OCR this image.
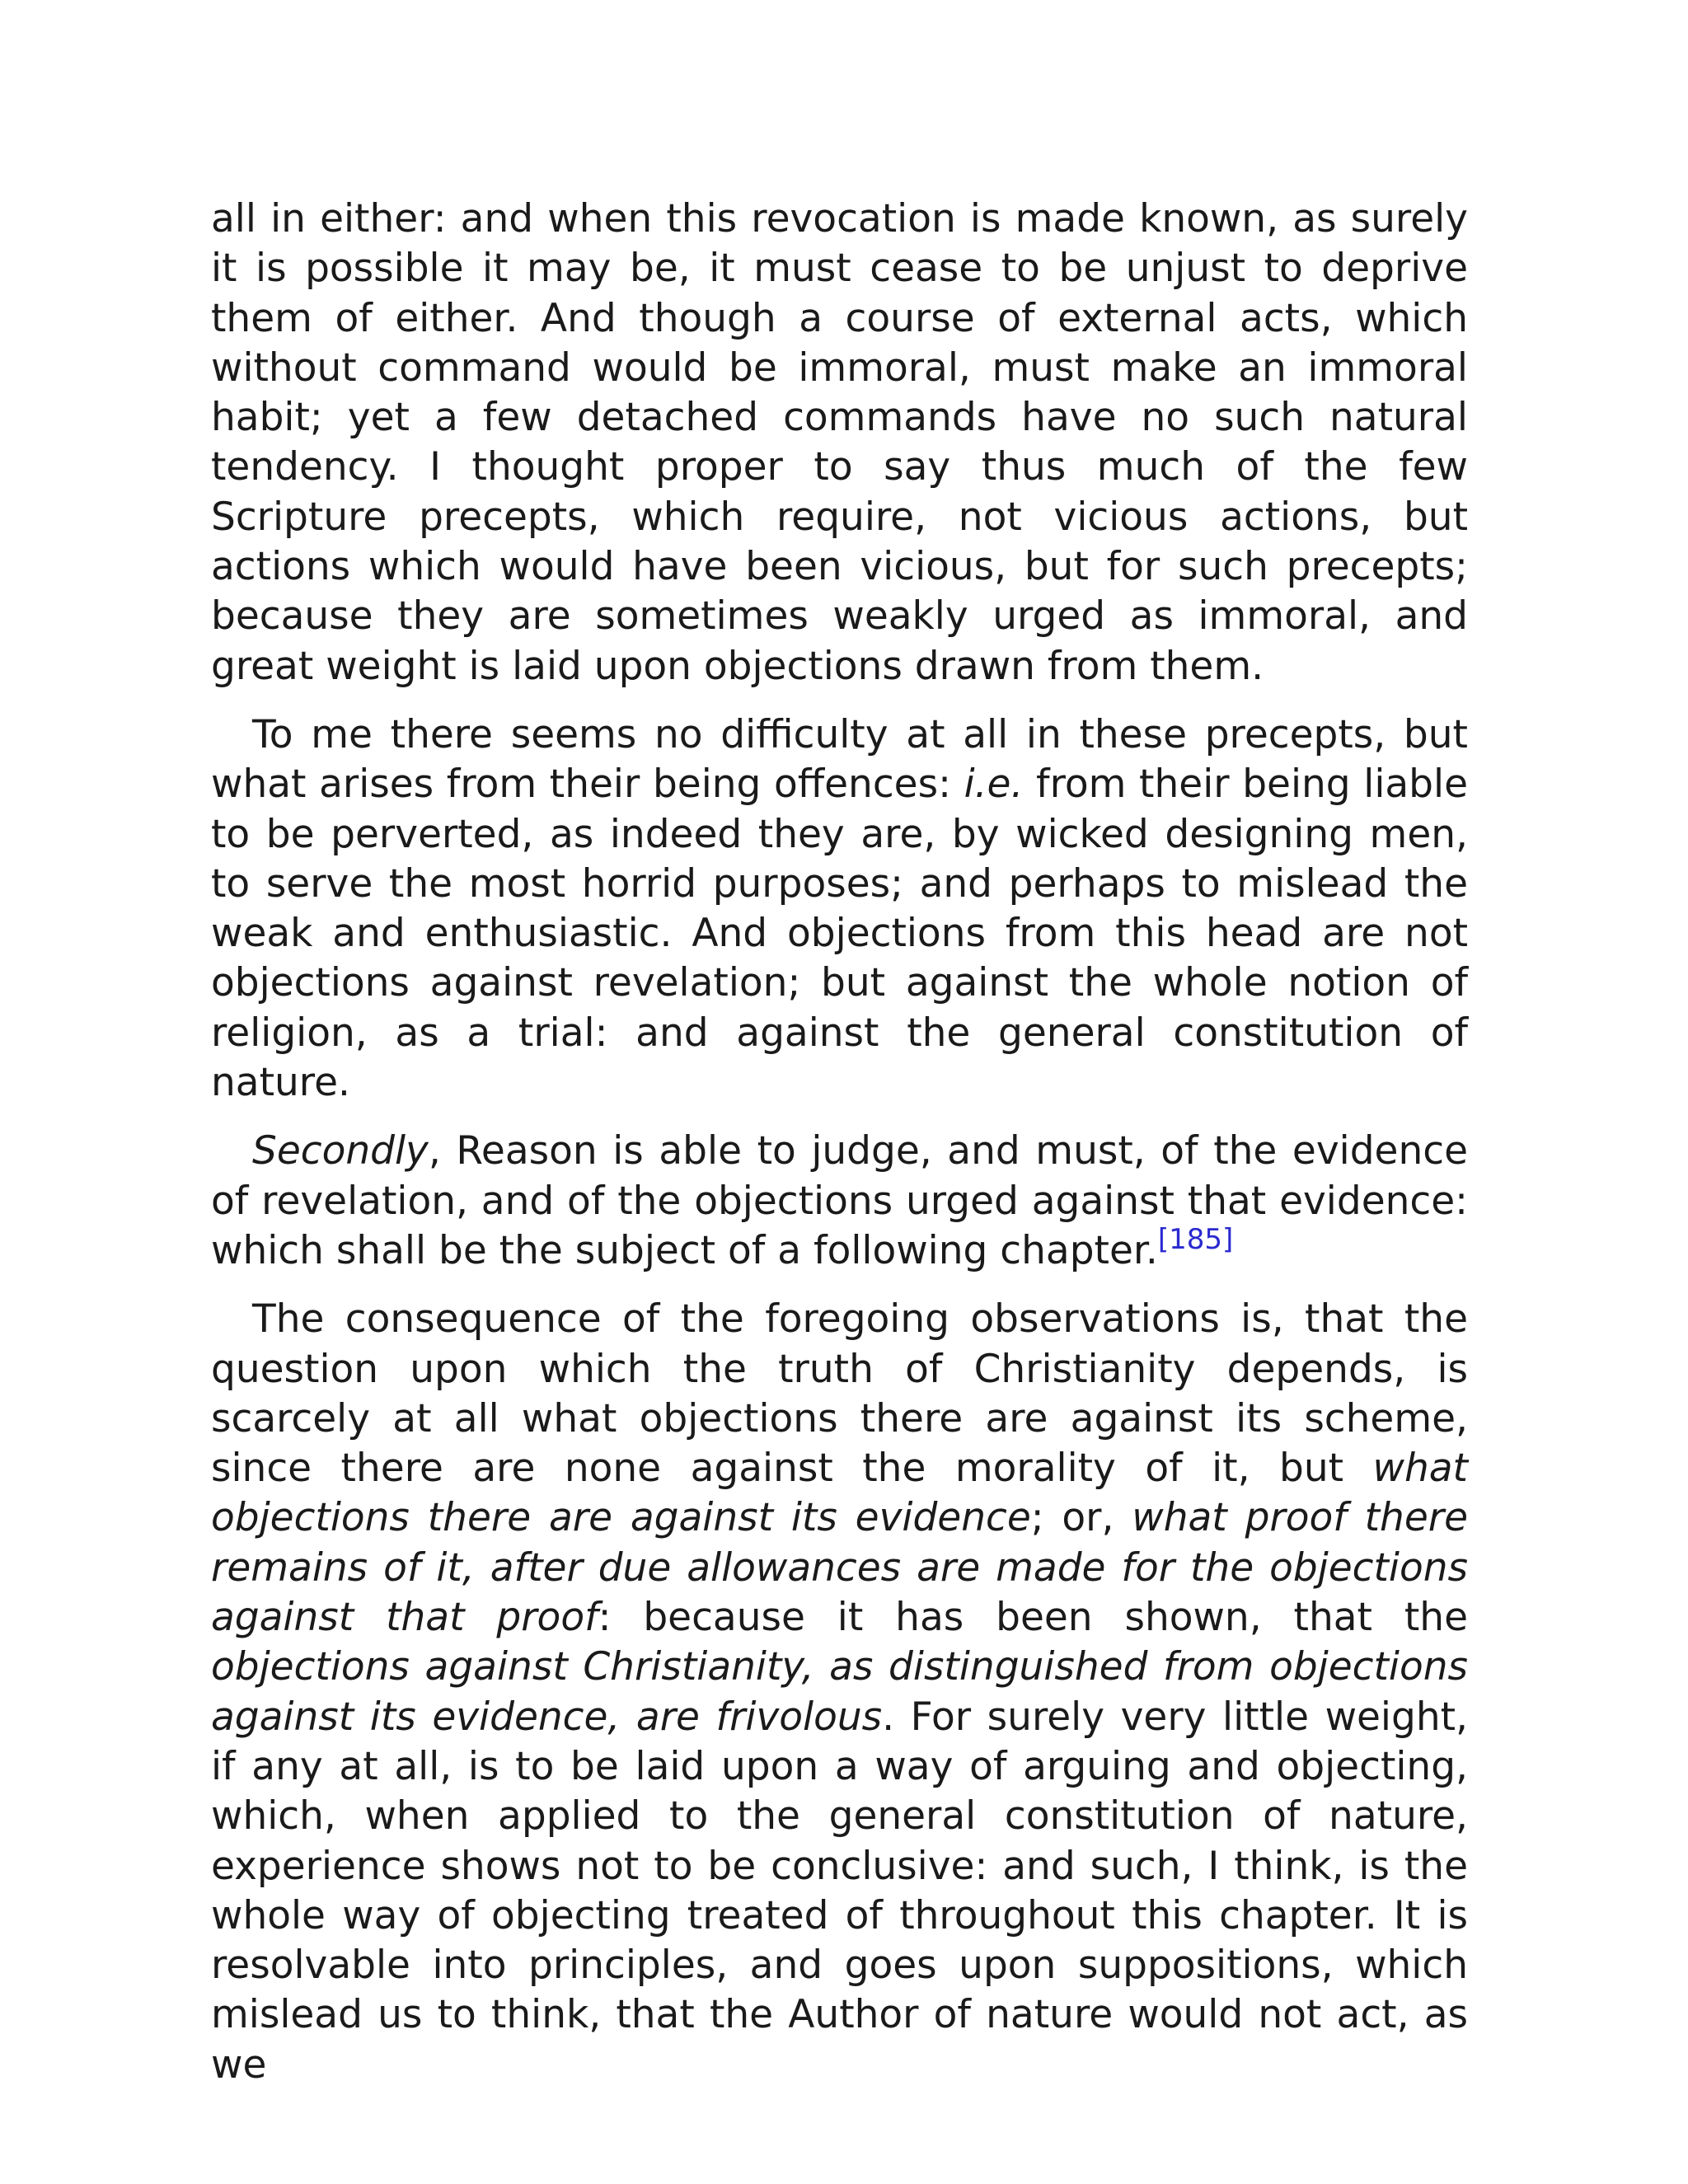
all in either: and when this revocation is made known, as surely it is possible it may be, it must cease to be unjust to deprive them of either. And though a course of external acts, which without command would be immoral, must make an immoral habit; yet a few detached commands have no such natural tendency. I thought proper to say thus much of the few Scripture precepts, which require, not vicious actions, but actions which would have been vicious, but for such precepts; because they are sometimes weakly urged as immoral, and great weight is laid upon objections drawn from them.

To me there seems no difficulty at all in these precepts, but what arises from their being offences: i.e. from their being liable to be perverted, as indeed they are, by wicked designing men, to serve the most horrid purposes; and perhaps to mislead the weak and enthusiastic. And objections from this head are not objections against revelation; but against the whole notion of religion, as a trial: and against the general constitution of nature.

Secondly, Reason is able to judge, and must, of the evidence of revelation, and of the objections urged against that evidence: which shall be the subject of a following chapter.[185]

The consequence of the foregoing observations is, that the question upon which the truth of Christianity depends, is scarcely at all what objections there are against its scheme, since there are none against the morality of it, but what objections there are against its evidence; or, what proof there remains of it, after due allowances are made for the objections against that proof: because it has been shown, that the objections against Christianity, as distinguished from objections against its evidence, are frivolous. For surely very little weight, if any at all, is to be laid upon a way of arguing and objecting, which, when applied to the general constitution of nature, experience shows not to be conclusive: and such, I think, is the whole way of objecting treated of throughout this chapter. It is resolvable into principles, and goes upon suppositions, which mislead us to think, that the Author of nature would not act, as we
